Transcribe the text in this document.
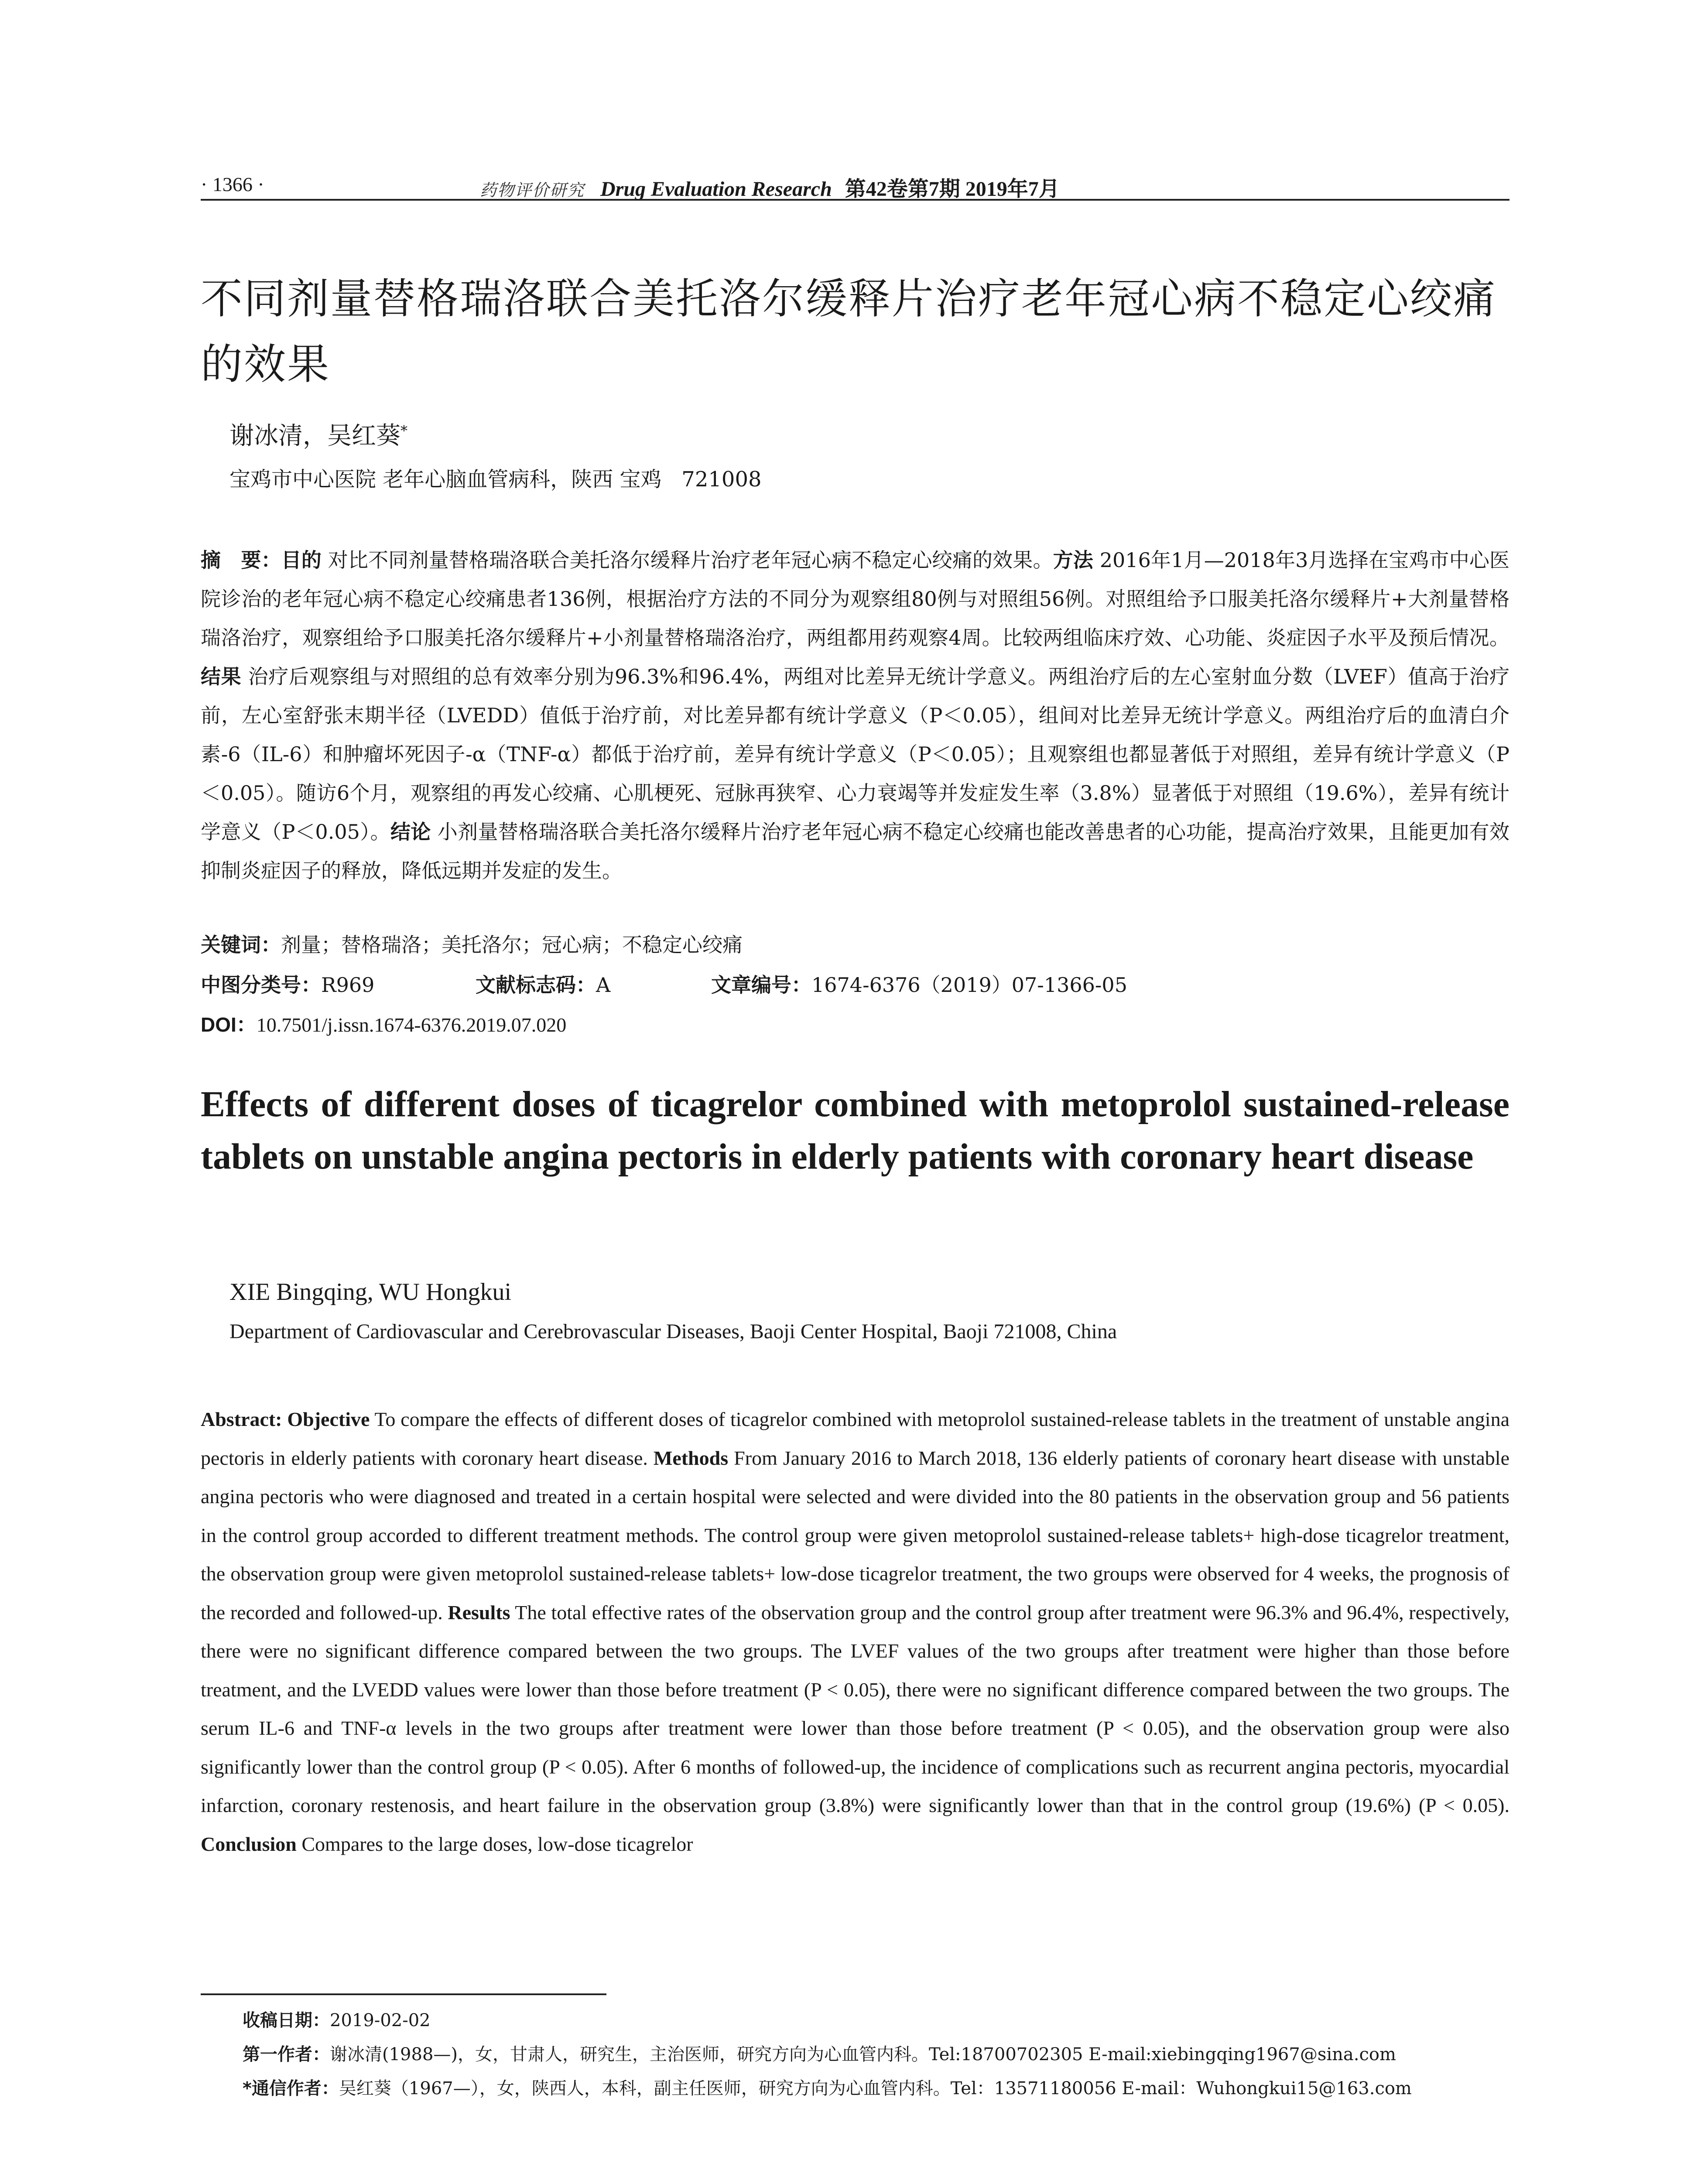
· 1366 ·	药物评价研究 Drug Evaluation Research 第42卷第7期 2019年7月
不同剂量替格瑞洛联合美托洛尔缓释片治疗老年冠心病不稳定心绞痛的效果
谢冰清，吴红葵*
宝鸡市中心医院 老年心脑血管病科，陕西 宝鸡   721008
摘　要：目的 对比不同剂量替格瑞洛联合美托洛尔缓释片治疗老年冠心病不稳定心绞痛的效果。方法 2016年1月—2018年3月选择在宝鸡市中心医院诊治的老年冠心病不稳定心绞痛患者136例，根据治疗方法的不同分为观察组80例与对照组56例。对照组给予口服美托洛尔缓释片+大剂量替格瑞洛治疗，观察组给予口服美托洛尔缓释片+小剂量替格瑞洛治疗，两组都用药观察4周。比较两组临床疗效、心功能、炎症因子水平及预后情况。结果 治疗后观察组与对照组的总有效率分别为96.3%和96.4%，两组对比差异无统计学意义。两组治疗后的左心室射血分数（LVEF）值高于治疗前，左心室舒张末期半径（LVEDD）值低于治疗前，对比差异都有统计学意义（P＜0.05），组间对比差异无统计学意义。两组治疗后的血清白介素-6（IL-6）和肿瘤坏死因子-α（TNF-α）都低于治疗前，差异有统计学意义（P＜0.05）；且观察组也都显著低于对照组，差异有统计学意义（P＜0.05）。随访6个月，观察组的再发心绞痛、心肌梗死、冠脉再狭窄、心力衰竭等并发症发生率（3.8%）显著低于对照组（19.6%），差异有统计学意义（P＜0.05）。结论 小剂量替格瑞洛联合美托洛尔缓释片治疗老年冠心病不稳定心绞痛也能改善患者的心功能，提高治疗效果，且能更加有效抑制炎症因子的释放，降低远期并发症的发生。
关键词：剂量；替格瑞洛；美托洛尔；冠心病；不稳定心绞痛
中图分类号：R969	文献标志码：A	文章编号：1674-6376（2019）07-1366-05
DOI：10.7501/j.issn.1674-6376.2019.07.020
Effects of different doses of ticagrelor combined with metoprolol sustained-release tablets on unstable angina pectoris in elderly patients with coronary heart disease
XIE Bingqing, WU Hongkui
Department of Cardiovascular and Cerebrovascular Diseases, Baoji Center Hospital, Baoji 721008, China
Abstract: Objective To compare the effects of different doses of ticagrelor combined with metoprolol sustained-release tablets in the treatment of unstable angina pectoris in elderly patients with coronary heart disease. Methods From January 2016 to March 2018, 136 elderly patients of coronary heart disease with unstable angina pectoris who were diagnosed and treated in a certain hospital were selected and were divided into the 80 patients in the observation group and 56 patients in the control group accorded to different treatment methods. The control group were given metoprolol sustained-release tablets+ high-dose ticagrelor treatment, the observation group were given metoprolol sustained-release tablets+ low-dose ticagrelor treatment, the two groups were observed for 4 weeks, the prognosis of the recorded and followed-up. Results The total effective rates of the observation group and the control group after treatment were 96.3% and 96.4%, respectively, there were no significant difference compared between the two groups. The LVEF values of the two groups after treatment were higher than those before treatment, and the LVEDD values were lower than those before treatment (P < 0.05), there were no significant difference compared between the two groups. The serum IL-6 and TNF-α levels in the two groups after treatment were lower than those before treatment (P < 0.05), and the observation group were also significantly lower than the control group (P < 0.05). After 6 months of followed-up, the incidence of complications such as recurrent angina pectoris, myocardial infarction, coronary restenosis, and heart failure in the observation group (3.8%) were significantly lower than that in the control group (19.6%) (P < 0.05). Conclusion Compares to the large doses, low-dose ticagrelor
收稿日期：2019-02-02
第一作者：谢冰清(1988—)，女，甘肃人，研究生，主治医师，研究方向为心血管内科。Tel:18700702305 E-mail:xiebingqing1967@sina.com
*通信作者：吴红葵（1967—），女，陕西人，本科，副主任医师，研究方向为心血管内科。Tel：13571180056 E-mail：Wuhongkui15@163.com
